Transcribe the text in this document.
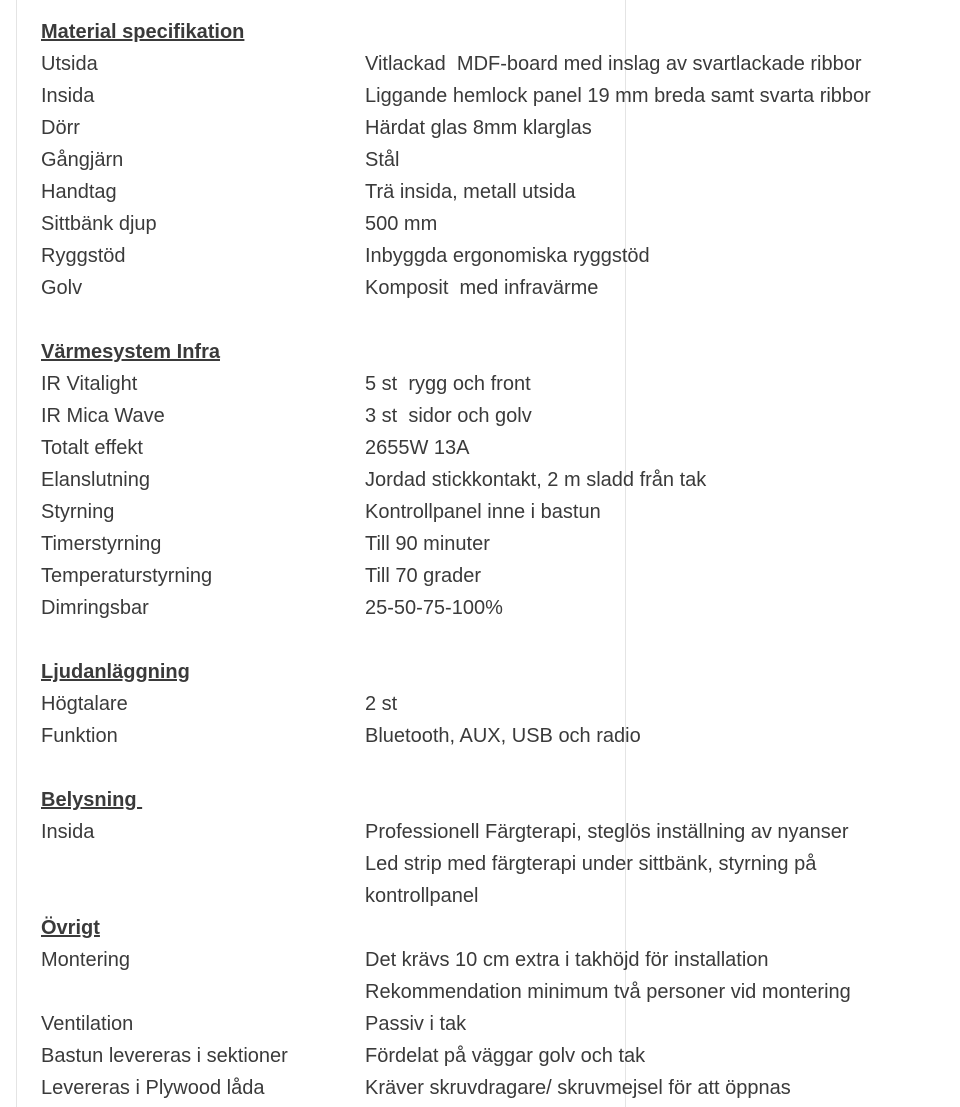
Material specifikation
Utsida	Vitlackad  MDF-board med inslag av svartlackade ribbor
Insida	Liggande hemlock panel 19 mm breda samt svarta ribbor
Dörr	Härdat glas 8mm klarglas
Gångjärn	Stål
Handtag	Trä insida, metall utsida
Sittbänk djup	500 mm
Ryggstöd	Inbyggda ergonomiska ryggstöd
Golv	Komposit  med infravärme
Värmesystem Infra
IR Vitalight	5 st  rygg och front
IR Mica Wave	3 st  sidor och golv
Totalt effekt	2655W 13A
Elanslutning	Jordad stickkontakt, 2 m sladd från tak
Styrning	Kontrollpanel inne i bastun
Timerstyrning	Till 90 minuter
Temperaturstyrning	Till 70 grader
Dimringsbar	25-50-75-100%
Ljudanläggning
Högtalare	2 st
Funktion	Bluetooth, AUX, USB och radio
Belysning
Insida	Professionell Färgterapi, steglös inställning av nyanser
Led strip med färgterapi under sittbänk, styrning på kontrollpanel
Övrigt
Montering	Det krävs 10 cm extra i takhöjd för installation
Rekommendation minimum två personer vid montering
Ventilation	Passiv i tak
Bastun levereras i sektioner	Fördelat på väggar golv och tak
Levereras i Plywood låda	Kräver skruvdragare/ skruvmejsel för att öppnas
